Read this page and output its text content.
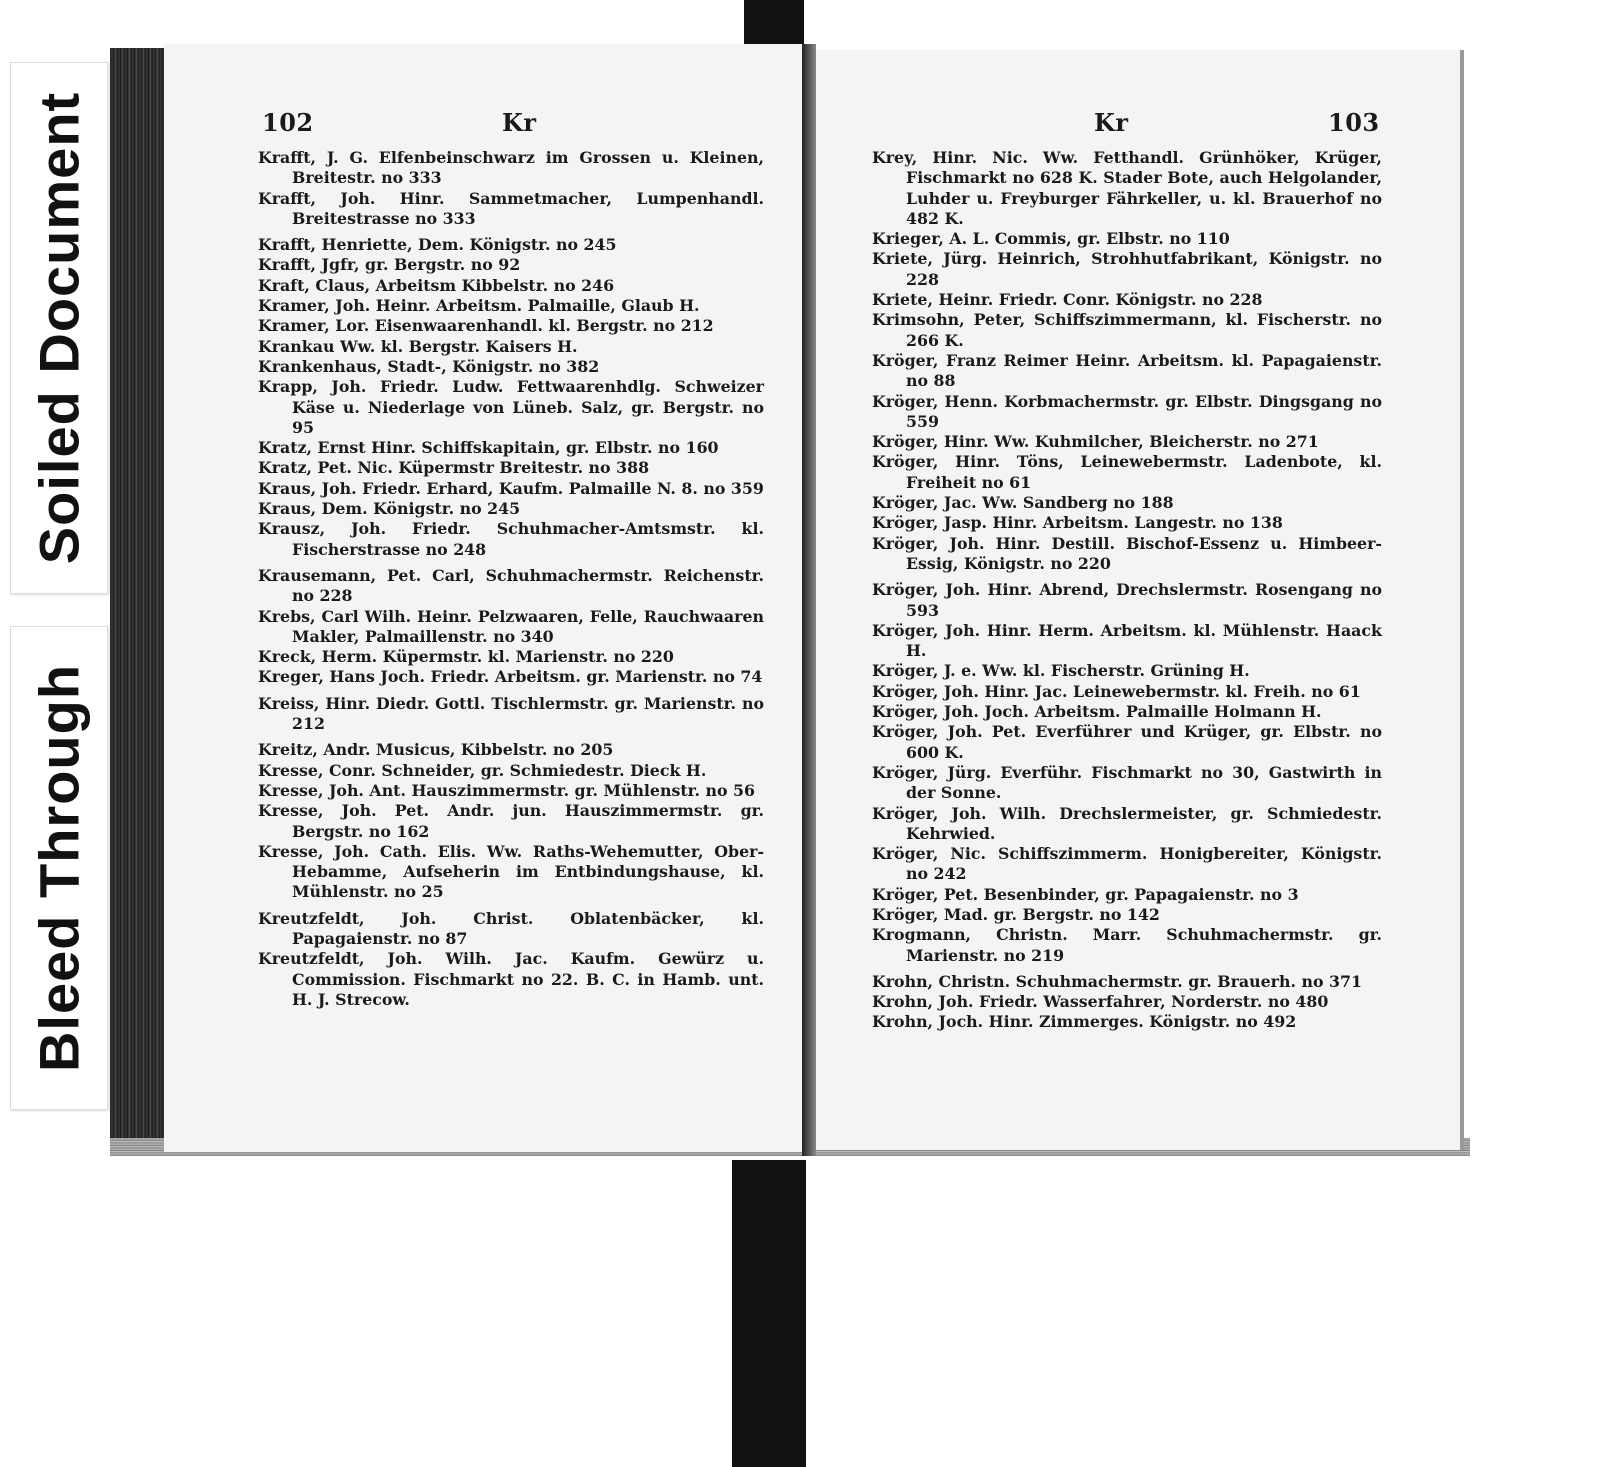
Soiled Document
Bleed Through
102	Kr	Kr	103
Krafft, J. G. Elfenbeinschwarz im Grossen u. Kleinen, Breitestr. no 333
Krafft, Joh. Hinr. Sammetmacher, Lumpenhandl. Breitestrasse no 333
Krafft, Henriette, Dem. Königstr. no 245
Krafft, Jgfr, gr. Bergstr. no 92
Kraft, Claus, Arbeitsm Kibbelstr. no 246
Kramer, Joh. Heinr. Arbeitsm. Palmaille, Glaub H.
Kramer, Lor. Eisenwaarenhandl. kl. Bergstr. no 212
Krankau Ww. kl. Bergstr. Kaisers H.
Krankenhaus, Stadt-, Königstr. no 382
Krapp, Joh. Friedr. Ludw. Fettwaarenhdlg. Schweizer Käse u. Niederlage von Lüneb. Salz, gr. Bergstr. no 95
Kratz, Ernst Hinr. Schiffskapitain, gr. Elbstr. no 160
Kratz, Pet. Nic. Küpermstr Breitestr. no 388
Kraus, Joh. Friedr. Erhard, Kaufm. Palmaille N. 8. no 359
Kraus, Dem. Königstr. no 245
Krausz, Joh. Friedr. Schuhmacher-Amtsmstr. kl. Fischerstrasse no 248
Krausemann, Pet. Carl, Schuhmachermstr. Reichenstr. no 228
Krebs, Carl Wilh. Heinr. Pelzwaaren, Felle, Rauchwaaren Makler, Palmaillenstr. no 340
Kreck, Herm. Küpermstr. kl. Marienstr. no 220
Kreger, Hans Joch. Friedr. Arbeitsm. gr. Marienstr. no 74
Kreiss, Hinr. Diedr. Gottl. Tischlermstr. gr. Marienstr. no 212
Kreitz, Andr. Musicus, Kibbelstr. no 205
Kresse, Conr. Schneider, gr. Schmiedestr. Dieck H.
Kresse, Joh. Ant. Hauszimmermstr. gr. Mühlenstr. no 56
Kresse, Joh. Pet. Andr. jun. Hauszimmermstr. gr. Bergstr. no 162
Kresse, Joh. Cath. Elis. Ww. Raths-Wehemutter, Ober-Hebamme, Aufseherin im Entbindungshause, kl. Mühlenstr. no 25
Kreutzfeldt, Joh. Christ. Oblatenbäcker, kl. Papagaienstr. no 87
Kreutzfeldt, Joh. Wilh. Jac. Kaufm. Gewürz u. Commission. Fischmarkt no 22. B. C. in Hamb. unt. H. J. Strecow.
Krey, Hinr. Nic. Ww. Fetthandl. Grünhöker, Krüger, Fischmarkt no 628 K. Stader Bote, auch Helgolander, Luhder u. Freyburger Fährkeller, u. kl. Brauerhof no 482 K.
Krieger, A. L. Commis, gr. Elbstr. no 110
Kriete, Jürg. Heinrich, Strohhutfabrikant, Königstr. no 228
Kriete, Heinr. Friedr. Conr. Königstr. no 228
Krimsohn, Peter, Schiffszimmermann, kl. Fischerstr. no 266 K.
Kröger, Franz Reimer Heinr. Arbeitsm. kl. Papagaienstr. no 88
Kröger, Henn. Korbmachermstr. gr. Elbstr. Dingsgang no 559
Kröger, Hinr. Ww. Kuhmilcher, Bleicherstr. no 271
Kröger, Hinr. Töns, Leinewebermstr. Ladenbote, kl. Freiheit no 61
Kröger, Jac. Ww. Sandberg no 188
Kröger, Jasp. Hinr. Arbeitsm. Langestr. no 138
Kröger, Joh. Hinr. Destill. Bischof-Essenz u. Himbeer-Essig, Königstr. no 220
Kröger, Joh. Hinr. Abrend, Drechslermstr. Rosengang no 593
Kröger, Joh. Hinr. Herm. Arbeitsm. kl. Mühlenstr. Haack H.
Kröger, J. e. Ww. kl. Fischerstr. Grüning H.
Kröger, Joh. Hinr. Jac. Leinewebermstr. kl. Freih. no 61
Kröger, Joh. Joch. Arbeitsm. Palmaille Holmann H.
Kröger, Joh. Pet. Everführer und Krüger, gr. Elbstr. no 600 K.
Kröger, Jürg. Everführ. Fischmarkt no 30, Gastwirth in der Sonne.
Kröger, Joh. Wilh. Drechslermeister, gr. Schmiedestr. Kehrwied.
Kröger, Nic. Schiffszimmerm. Honigbereiter, Königstr. no 242
Kröger, Pet. Besenbinder, gr. Papagaienstr. no 3
Kröger, Mad. gr. Bergstr. no 142
Krogmann, Christn. Marr. Schuhmachermstr. gr. Marienstr. no 219
Krohn, Christn. Schuhmachermstr. gr. Brauerh. no 371
Krohn, Joh. Friedr. Wasserfahrer, Norderstr. no 480
Krohn, Joch. Hinr. Zimmerges. Königstr. no 492
